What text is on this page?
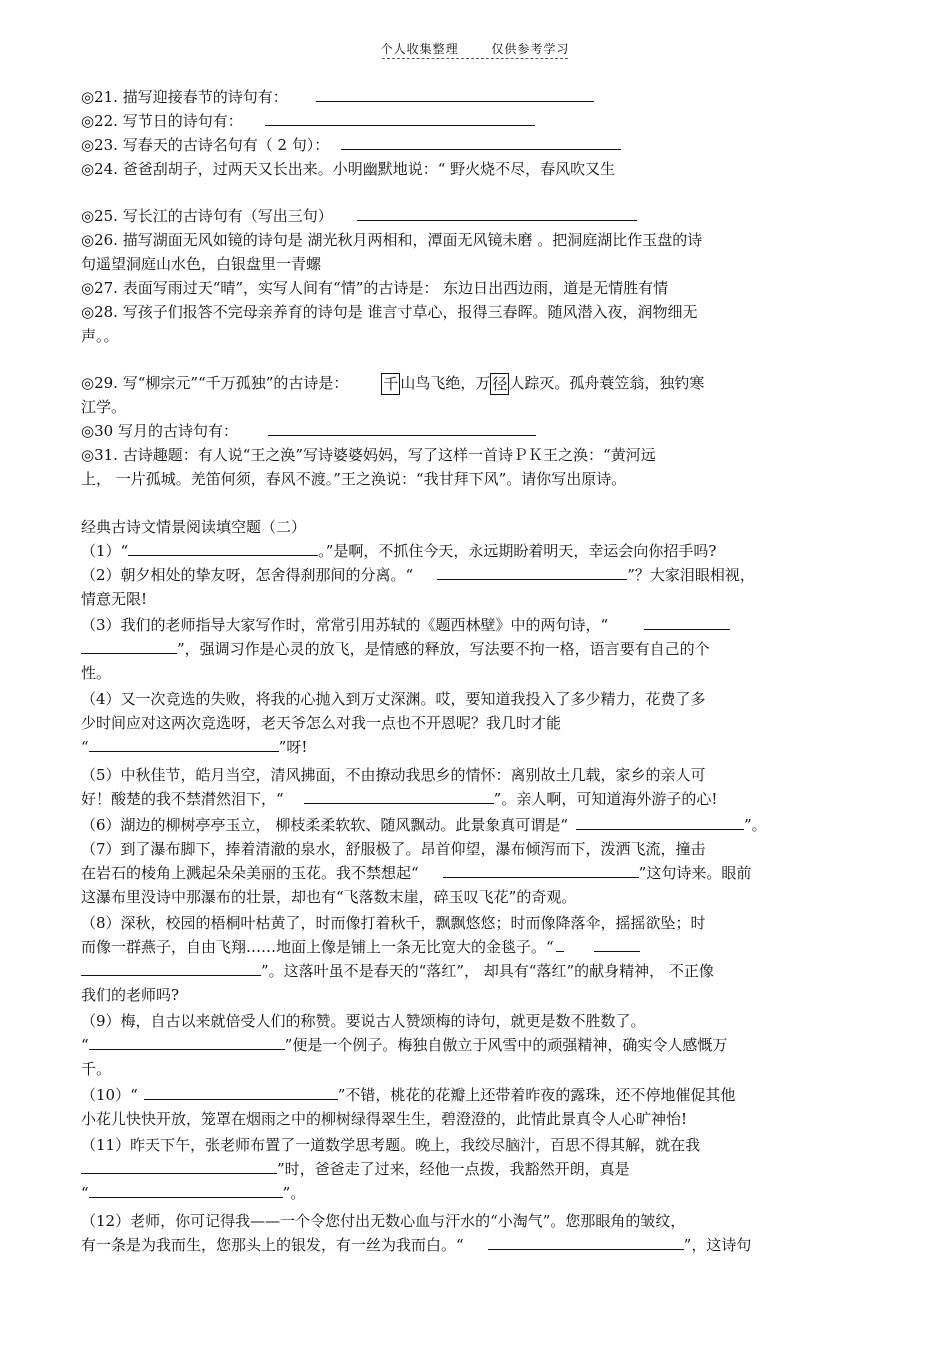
个人收集整理	仅供参考学习
◎21. 描写迎接春节的诗句有：
◎22. 写节日的诗句有：
◎23. 写春天的古诗名句有（ 2 句）：
◎24. 爸爸刮胡子，过两天又长出来。小明幽默地说：“ 野火烧不尽，春风吹又生
◎25. 写长江的古诗句有（写出三句）
◎26. 描写湖面无风如镜的诗句是 湖光秋月两相和，潭面无风镜未磨 。把洞庭湖比作玉盘的诗
句遥望洞庭山水色，白银盘里一青螺
◎27. 表面写雨过天“晴”，实写人间有“情”的古诗是： 东边日出西边雨，道是无情胜有情
◎28. 写孩子们报答不完母亲养育的诗句是 谁言寸草心，报得三春晖。随风潜入夜，润物细无
声。。
◎29. 写“柳宗元”“千万孤独”的古诗是： 千 山鸟飞绝，万 径 人踪灭。孤舟蓑笠翁，独钓寒
江学。
◎30 写月的古诗句有：
◎31. 古诗趣题：有人说“王之涣”写诗婆婆妈妈，写了这样一首诗ＰＫ王之涣：“黄河远
上， 一片孤城。羌笛何须，春风不渡。”王之涣说：“我甘拜下风”。请你写出原诗。
经典古诗文情景阅读填空题（二）
（1）“	。”是啊，不抓住今天，永远期盼着明天，幸运会向你招手吗?
（2）朝夕相处的挚友呀，怎舍得刹那间的分离。“	”？大家泪眼相视，
情意无限!
（3）我们的老师指导大家写作时，常常引用苏轼的《题西林壁》中的两句诗，“
”，强调习作是心灵的放飞，是情感的释放，写法要不拘一格，语言要有自己的个
性。
（4）又一次竞选的失败，将我的心抛入到万丈深渊。哎，要知道我投入了多少精力，花费了多
少时间应对这两次竞选呀，老天爷怎么对我一点也不开恩呢？我几时才能
“	”呀!
（5）中秋佳节，皓月当空，清风拂面，不由撩动我思乡的情怀：离别故土几载，家乡的亲人可
好！酸楚的我不禁潸然泪下，“	”。亲人啊，可知道海外游子的心!
（6）湖边的柳树亭亭玉立， 柳枝柔柔软软、随风飘动。此景象真可谓是“	”。
（7）到了瀑布脚下，捧着清澈的泉水，舒服极了。昂首仰望，瀑布倾泻而下，泼洒飞流，撞击
在岩石的棱角上溅起朵朵美丽的玉花。我不禁想起“	”这句诗来。眼前
这瀑布里没诗中那瀑布的壮景，却也有“飞落数末崖，碎玉叹飞花”的奇观。
（8）深秋，校园的梧桐叶枯黄了，时而像打着秋千，飘飘悠悠；时而像降落伞，摇摇欲坠；时
而像一群燕子，自由飞翔……地面上像是铺上一条无比宽大的金毯子。“
”。这落叶虽不是春天的“落红”， 却具有“落红”的献身精神， 不正像
我们的老师吗?
（9）梅，自古以来就倍受人们的称赞。要说古人赞颂梅的诗句，就更是数不胜数了。
“	”便是一个例子。梅独自傲立于风雪中的顽强精神，确实令人感慨万
千。
（10）“	”不错，桃花的花瓣上还带着昨夜的露珠，还不停地催促其他
小花儿快快开放，笼罩在烟雨之中的柳树绿得翠生生，碧澄澄的，此情此景真令人心旷神怡!
（11）昨天下午，张老师布置了一道数学思考题。晚上，我绞尽脑汁，百思不得其解，就在我
”时，爸爸走了过来，经他一点拨，我豁然开朗，真是
“	”。
（12）老师，你可记得我——一个令您付出无数心血与汗水的“小淘气”。您那眼角的皱纹，
有一条是为我而生，您那头上的银发，有一丝为我而白。“	”，这诗句
